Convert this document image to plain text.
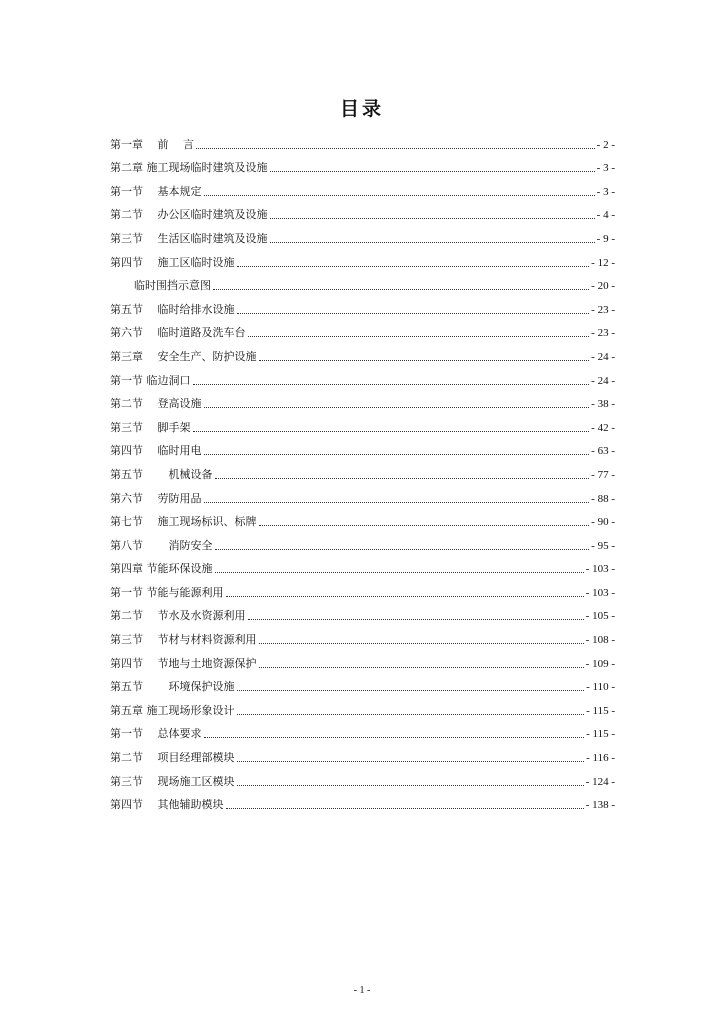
目录
第一章　 前　 言	- 2 -
第二章 施工现场临时建筑及设施	- 3 -
第一节　 基本规定	- 3 -
第二节　 办公区临时建筑及设施	- 4 -
第三节　 生活区临时建筑及设施	- 9 -
第四节　 施工区临时设施	- 12 -
临时围挡示意图	- 20 -
第五节　 临时给排水设施	- 23 -
第六节　 临时道路及洗车台	- 23 -
第三章　 安全生产、防护设施	- 24 -
第一节 临边洞口	- 24 -
第二节　 登高设施	- 38 -
第三节　 脚手架	- 42 -
第四节　 临时用电	- 63 -
第五节　　 机械设备	- 77 -
第六节　 劳防用品	- 88 -
第七节　 施工现场标识、标牌	- 90 -
第八节　　 消防安全	- 95 -
第四章 节能环保设施	- 103 -
第一节 节能与能源利用	- 103 -
第二节　 节水及水资源利用	- 105 -
第三节　 节材与材料资源利用	- 108 -
第四节　 节地与土地资源保护	- 109 -
第五节　　 环境保护设施	- 110 -
第五章 施工现场形象设计	- 115 -
第一节　 总体要求	- 115 -
第二节　 项目经理部模块	- 116 -
第三节　 现场施工区模块	- 124 -
第四节　 其他辅助模块	- 138 -
- 1 -
